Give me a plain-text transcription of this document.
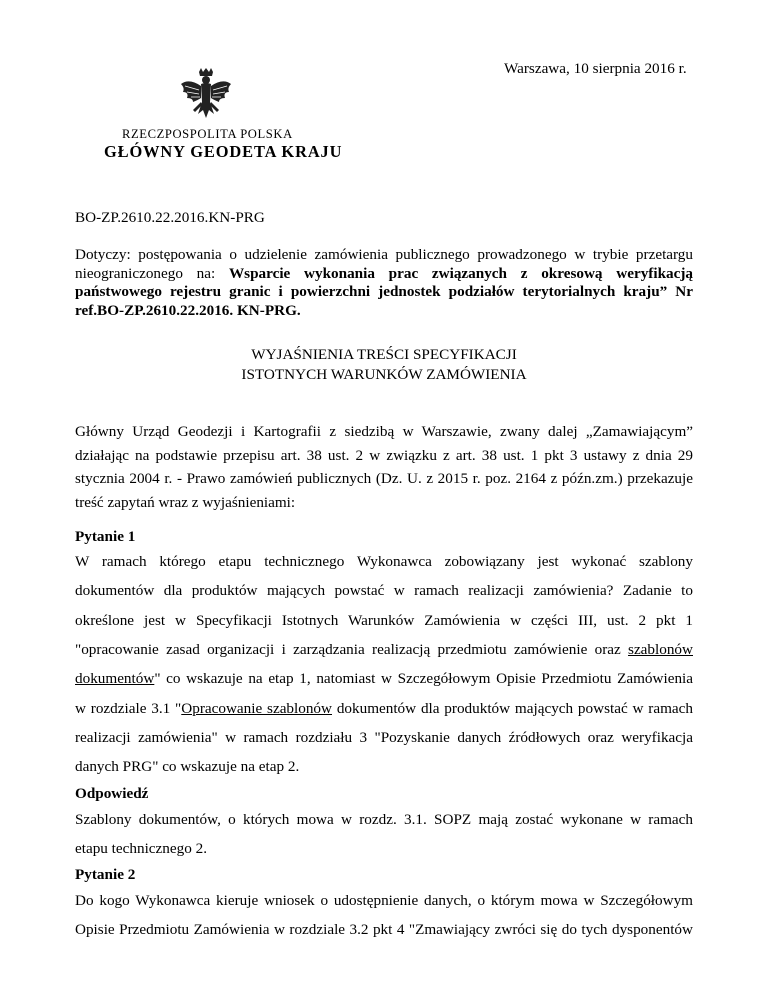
Warszawa, 10 sierpnia 2016 r.
RZECZPOSPOLITA POLSKA
GŁÓWNY GEODETA KRAJU
BO-ZP.2610.22.2016.KN-PRG
Dotyczy: postępowania o udzielenie zamówienia publicznego prowadzonego w trybie przetargu nieograniczonego na: Wsparcie wykonania prac związanych z okresową weryfikacją państwowego rejestru granic i powierzchni jednostek podziałów terytorialnych kraju” Nr ref.BO-ZP.2610.22.2016. KN-PRG.
WYJAŚNIENIA TREŚCI SPECYFIKACJI
ISTOTNYCH WARUNKÓW ZAMÓWIENIA
Główny Urząd Geodezji i Kartografii z siedzibą w Warszawie, zwany dalej „Zamawiającym” działając na podstawie przepisu art. 38 ust. 2 w związku z art. 38 ust. 1 pkt 3 ustawy z dnia 29 stycznia 2004 r. - Prawo zamówień publicznych (Dz. U. z 2015 r. poz. 2164 z późn.zm.) przekazuje treść zapytań wraz z wyjaśnieniami:
Pytanie 1
W ramach którego etapu technicznego Wykonawca zobowiązany jest wykonać szablony
dokumentów dla produktów mających powstać w ramach realizacji zamówienia? Zadanie to
określone jest w Specyfikacji Istotnych Warunków Zamówienia w części III, ust. 2 pkt 1
"opracowanie zasad organizacji i zarządzania realizacją przedmiotu zamówienie oraz szablonów
dokumentów" co wskazuje na etap 1, natomiast w Szczegółowym Opisie Przedmiotu Zamówienia
w rozdziale 3.1 "Opracowanie szablonów dokumentów dla produktów mających powstać w ramach
realizacji zamówienia" w ramach rozdziału 3 "Pozyskanie danych źródłowych oraz weryfikacja
danych PRG" co wskazuje na etap 2.
Odpowiedź
Szablony dokumentów, o których mowa w rozdz. 3.1. SOPZ mają zostać wykonane w ramach
etapu technicznego 2.
Pytanie 2
Do kogo Wykonawca kieruje wniosek o udostępnienie danych, o którym mowa w Szczegółowym
Opisie Przedmiotu Zamówienia w rozdziale 3.2 pkt 4 "Zmawiający zwróci się do tych dysponentów
